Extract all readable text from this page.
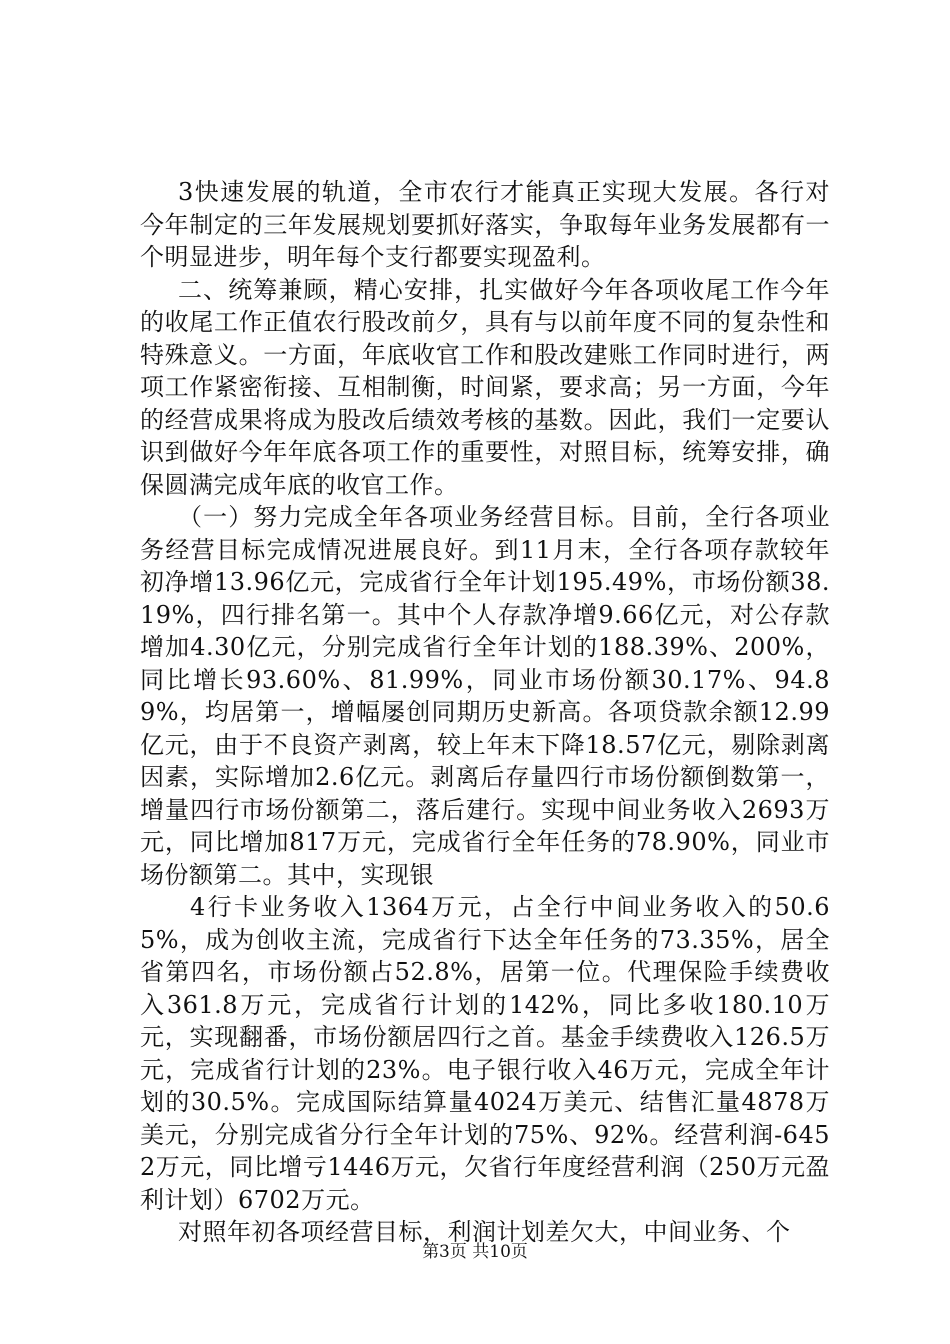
3快速发展的轨道，全市农行才能真正实现大发展。各行对今年制定的三年发展规划要抓好落实，争取每年业务发展都有一个明显进步，明年每个支行都要实现盈利。

二、统筹兼顾，精心安排，扎实做好今年各项收尾工作今年的收尾工作正值农行股改前夕，具有与以前年度不同的复杂性和特殊意义。一方面，年底收官工作和股改建账工作同时进行，两项工作紧密衔接、互相制衡，时间紧，要求高；另一方面，今年的经营成果将成为股改后绩效考核的基数。因此，我们一定要认识到做好今年年底各项工作的重要性，对照目标，统筹安排，确保圆满完成年底的收官工作。

（一）努力完成全年各项业务经营目标。目前，全行各项业务经营目标完成情况进展良好。到11月末，全行各项存款较年初净增13.96亿元，完成省行全年计划195.49%，市场份额38.19%，四行排名第一。其中个人存款净增9.66亿元，对公存款增加4.30亿元，分别完成省行全年计划的188.39%、200%，同比增长93.60%、81.99%，同业市场份额30.17%、94.89%，均居第一，增幅屡创同期历史新高。各项贷款余额12.99亿元，由于不良资产剥离，较上年末下降18.57亿元，剔除剥离因素，实际增加2.6亿元。剥离后存量四行市场份额倒数第一，增量四行市场份额第二，落后建行。实现中间业务收入2693万元，同比增加817万元，完成省行全年任务的78.90%，同业市场份额第二。其中，实现银

4行卡业务收入1364万元，占全行中间业务收入的50.65%，成为创收主流，完成省行下达全年任务的73.35%，居全省第四名，市场份额占52.8%，居第一位。代理保险手续费收入361.8万元，完成省行计划的142%，同比多收180.10万元，实现翻番，市场份额居四行之首。基金手续费收入126.5万元，完成省行计划的23%。电子银行收入46万元，完成全年计划的30.5%。完成国际结算量4024万美元、结售汇量4878万美元，分别完成省分行全年计划的75%、92%。经营利润-6452万元，同比增亏1446万元，欠省行年度经营利润（250万元盈利计划）6702万元。

对照年初各项经营目标，利润计划差欠大，中间业务、个

第3页 共10页
